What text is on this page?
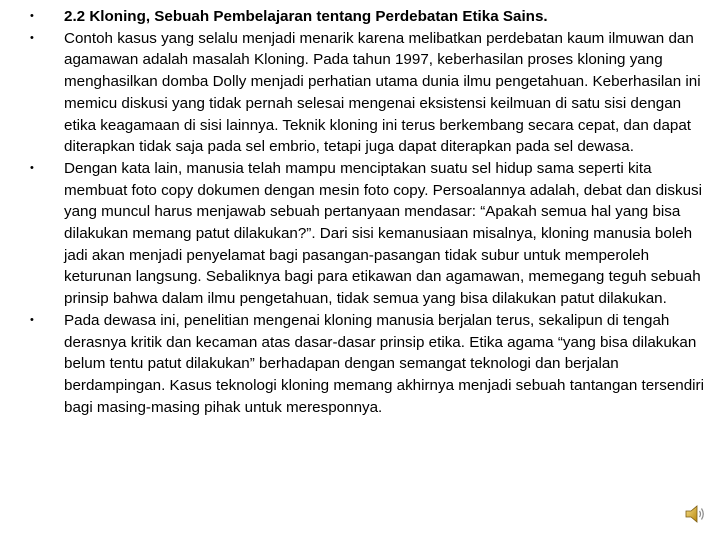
• 2.2 Kloning, Sebuah Pembelajaran tentang Perdebatan Etika Sains.
• Contoh kasus yang selalu menjadi menarik karena melibatkan perdebatan kaum ilmuwan dan agamawan adalah masalah Kloning. Pada tahun 1997, keberhasilan proses kloning yang menghasilkan domba Dolly menjadi perhatian utama dunia ilmu pengetahuan. Keberhasilan ini memicu diskusi yang tidak pernah selesai mengenai eksistensi keilmuan di satu sisi dengan etika keagamaan di sisi lainnya. Teknik kloning ini terus berkembang secara cepat, dan dapat diterapkan tidak saja pada sel embrio, tetapi juga dapat diterapkan pada sel dewasa.
• Dengan kata lain, manusia telah mampu menciptakan suatu sel hidup sama seperti kita membuat foto copy dokumen dengan mesin foto copy. Persoalannya adalah, debat dan diskusi yang muncul harus menjawab sebuah pertanyaan mendasar: “Apakah semua hal yang bisa dilakukan memang patut dilakukan?”. Dari sisi kemanusiaan misalnya, kloning manusia boleh jadi akan menjadi penyelamat bagi pasangan-pasangan tidak subur untuk memperoleh keturunan langsung. Sebaliknya bagi para etikawan dan agamawan, memegang teguh sebuah prinsip bahwa dalam ilmu pengetahuan, tidak semua yang bisa dilakukan patut dilakukan.
• Pada dewasa ini, penelitian mengenai kloning manusia berjalan terus, sekalipun di tengah derasnya kritik dan kecaman atas dasar-dasar prinsip etika. Etika agama “yang bisa dilakukan belum tentu patut dilakukan” berhadapan dengan semangat teknologi dan berjalan berdampingan. Kasus teknologi kloning memang akhirnya menjadi sebuah tantangan tersendiri bagi masing-masing pihak untuk meresponnya.
